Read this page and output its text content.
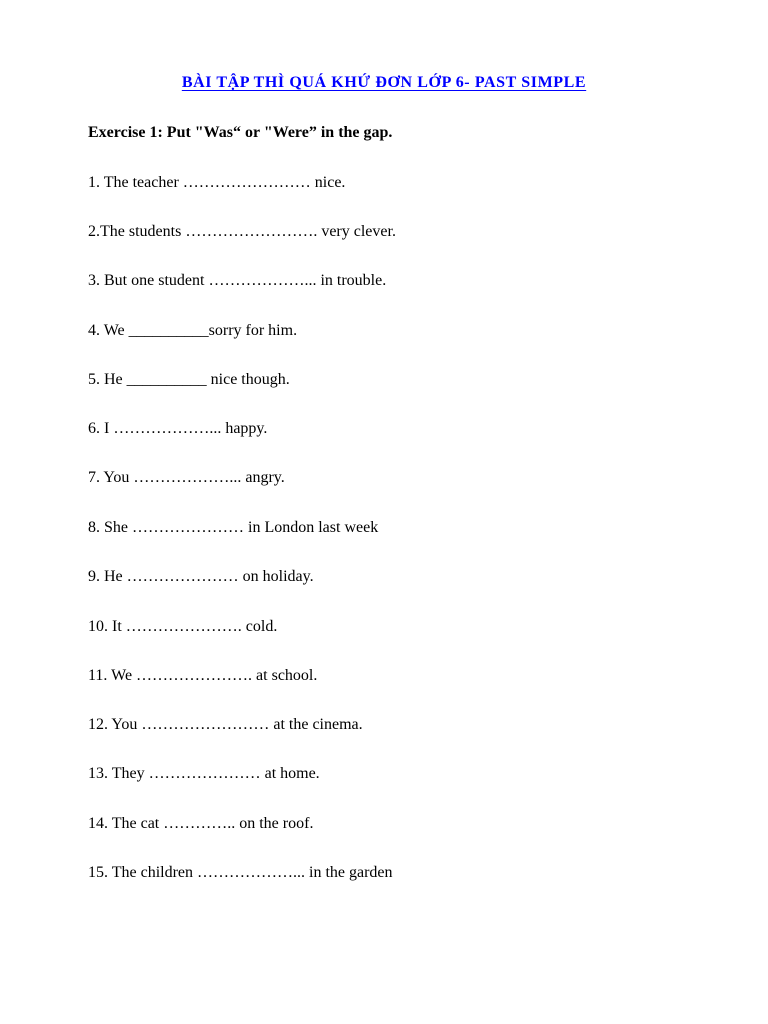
BÀI TẬP THÌ QUÁ KHỨ ĐƠN LỚP 6- PAST SIMPLE
Exercise 1: Put "Was“ or "Were” in the gap.
1. The teacher …………………… nice.
2.The students ……………………. very clever.
3. But one student ………………... in trouble.
4. We __________sorry for him.
5. He __________ nice though.
6. I ………………... happy.
7. You ………………... angry.
8. She ………………… in London last week
9. He ………………… on holiday.
10. It …………………. cold.
11. We …………………. at school.
12. You …………………… at the cinema.
13. They ………………… at home.
14. The cat ………….. on the roof.
15. The children ………………... in the garden
